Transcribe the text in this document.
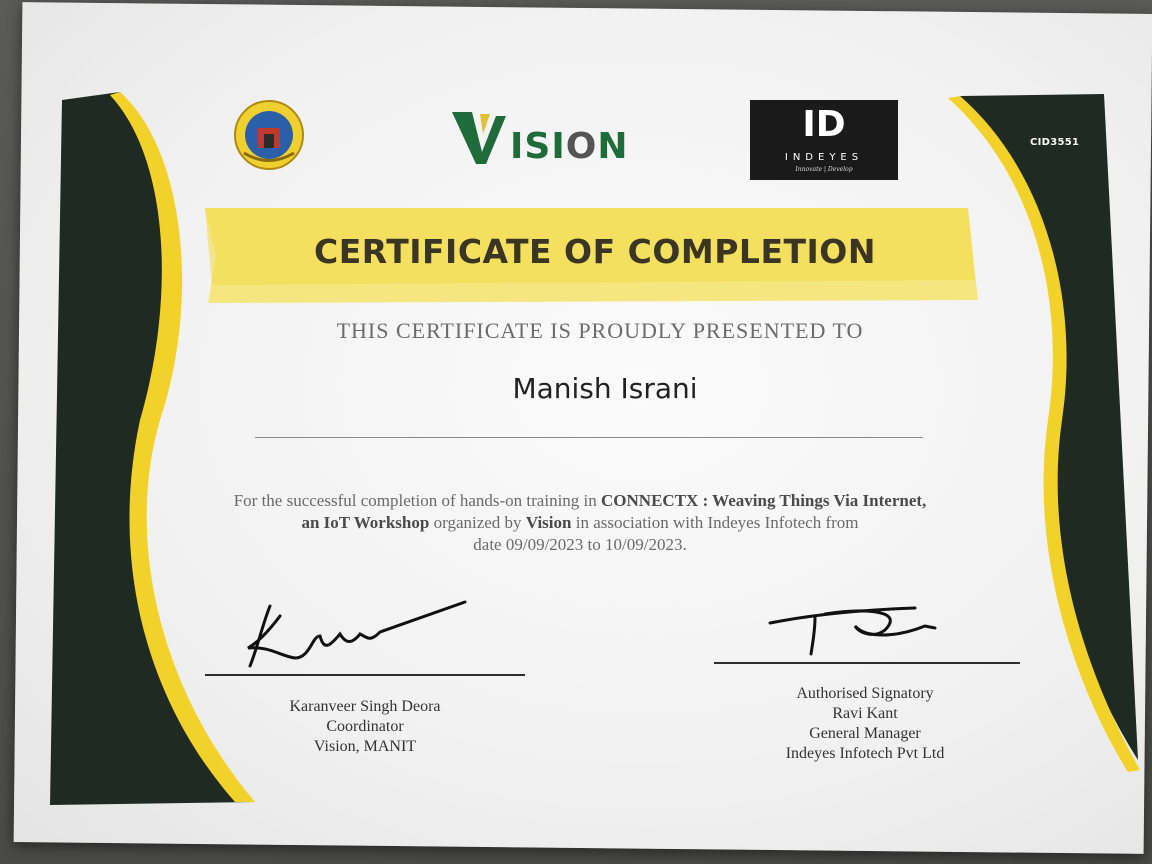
ISION
ID
INDEYES
Innovate | Develop
CID3551
CERTIFICATE OF COMPLETION
THIS CERTIFICATE IS PROUDLY PRESENTED TO
Manish Israni
For the successful completion of hands-on training in CONNECTX : Weaving Things Via Internet,
an IoT Workshop organized by Vision in association with Indeyes Infotech from
date 09/09/2023 to 10/09/2023.
Karanveer Singh Deora
Coordinator
Vision, MANIT
Authorised Signatory
Ravi Kant
General Manager
Indeyes Infotech Pvt Ltd
